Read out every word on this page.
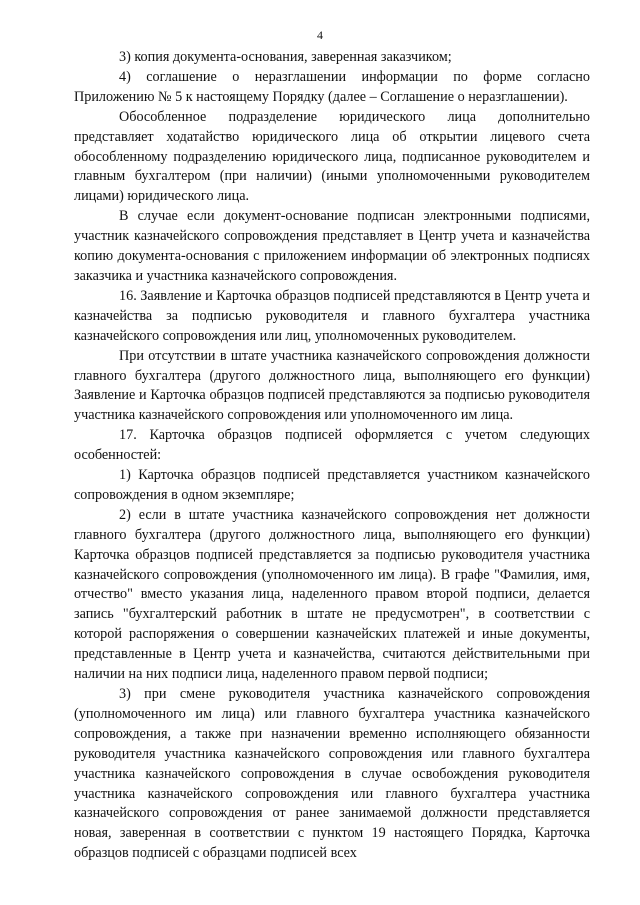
4

3) копия документа-основания, заверенная заказчиком;

4) соглашение о неразглашении информации по форме согласно Приложению № 5 к настоящему Порядку (далее – Соглашение о неразглашении).

Обособленное подразделение юридического лица дополнительно представляет ходатайство юридического лица об открытии лицевого счета обособленному подразделению юридического лица, подписанное руководителем и главным бухгалтером (при наличии) (иными уполномоченными руководителем лицами) юридического лица.

В случае если документ-основание подписан электронными подписями, участник казначейского сопровождения представляет в Центр учета и казначейства копию документа-основания с приложением информации об электронных подписях заказчика и участника казначейского сопровождения.

16. Заявление и Карточка образцов подписей представляются в Центр учета и казначейства за подписью руководителя и главного бухгалтера участника казначейского сопровождения или лиц, уполномоченных руководителем.

При отсутствии в штате участника казначейского сопровождения должности главного бухгалтера (другого должностного лица, выполняющего его функции) Заявление и Карточка образцов подписей представляются за подписью руководителя участника казначейского сопровождения или уполномоченного им лица.

17. Карточка образцов подписей оформляется с учетом следующих особенностей:

1) Карточка образцов подписей представляется участником казначейского сопровождения в одном экземпляре;

2) если в штате участника казначейского сопровождения нет должности главного бухгалтера (другого должностного лица, выполняющего его функции) Карточка образцов подписей представляется за подписью руководителя участника казначейского сопровождения (уполномоченного им лица). В графе "Фамилия, имя, отчество" вместо указания лица, наделенного правом второй подписи, делается запись "бухгалтерский работник в штате не предусмотрен", в соответствии с которой распоряжения о совершении казначейских платежей и иные документы, представленные в Центр учета и казначейства, считаются действительными при наличии на них подписи лица, наделенного правом первой подписи;

3) при смене руководителя участника казначейского сопровождения (уполномоченного им лица) или главного бухгалтера участника казначейского сопровождения, а также при назначении временно исполняющего обязанности руководителя участника казначейского сопровождения или главного бухгалтера участника казначейского сопровождения в случае освобождения руководителя участника казначейского сопровождения или главного бухгалтера участника казначейского сопровождения от ранее занимаемой должности представляется новая, заверенная в соответствии с пунктом 19 настоящего Порядка, Карточка образцов подписей с образцами подписей всех
